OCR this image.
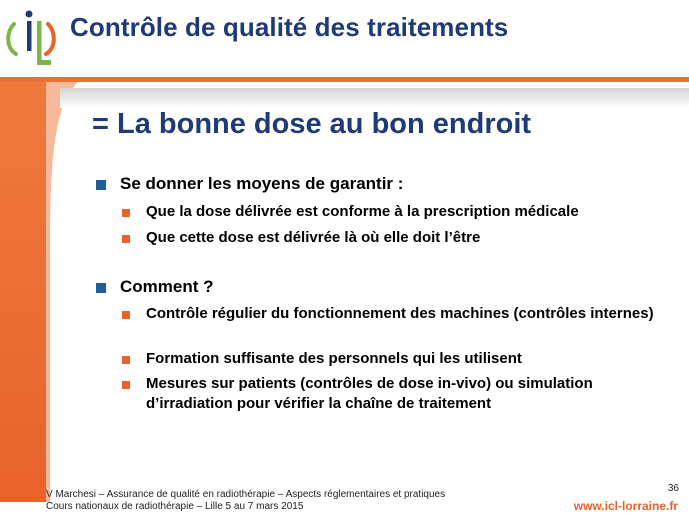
Contrôle de qualité des traitements
= La bonne dose au bon endroit
Se donner les moyens de garantir :
Que la dose délivrée est conforme à la prescription médicale
Que cette dose est délivrée là où elle doit l’être
Comment ?
Contrôle régulier du fonctionnement des machines (contrôles internes)
Formation suffisante des personnels qui les utilisent
Mesures sur patients (contrôles de dose in-vivo) ou simulation d’irradiation pour vérifier la chaîne de traitement
V Marchesi – Assurance de qualité en radiothérapie – Aspects réglementaires et pratiques
Cours nationaux de radiothérapie – Lille 5 au 7 mars 2015
36
www.icl-lorraine.fr
